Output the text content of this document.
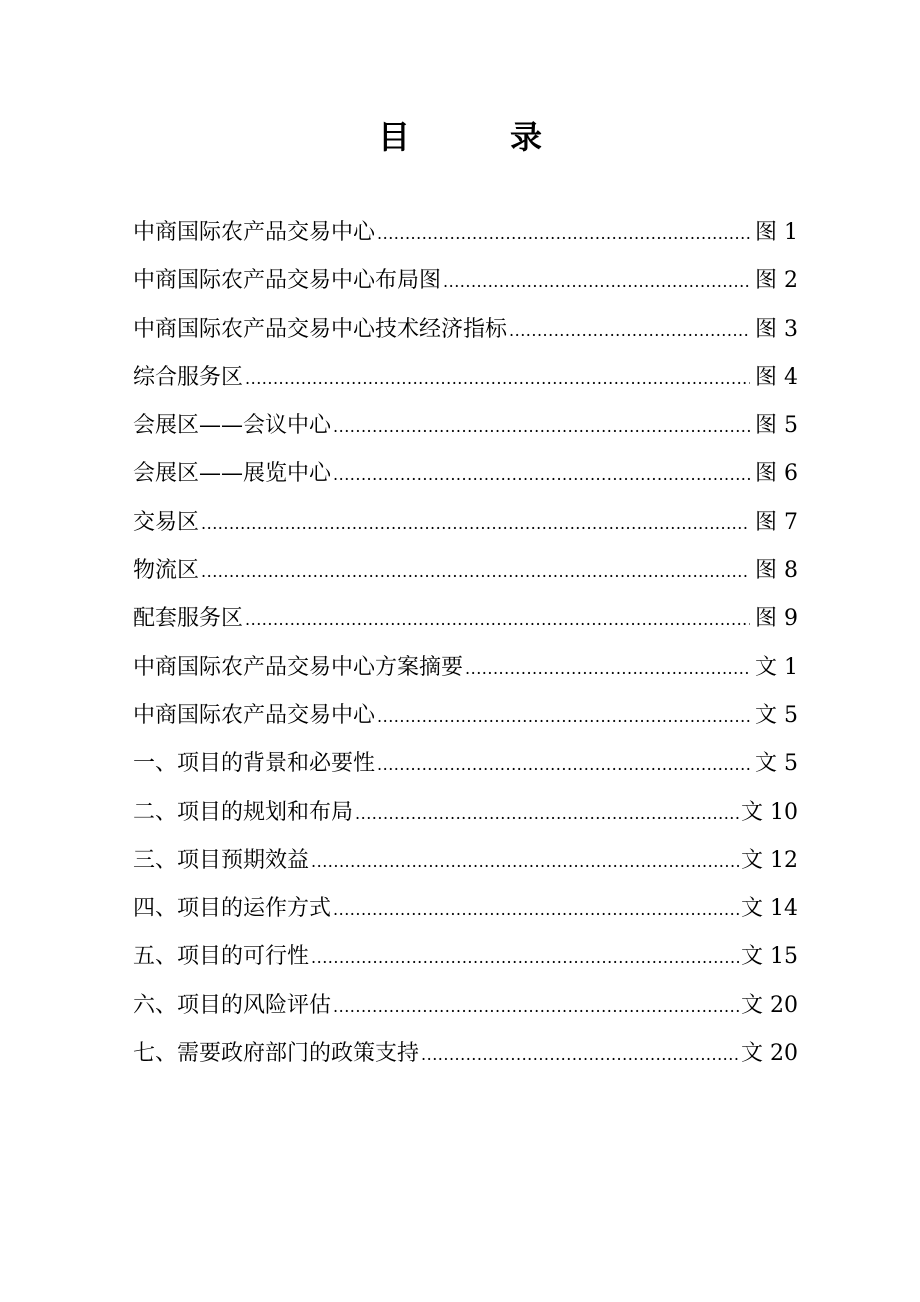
目　录
中商国际农产品交易中心 .....	图 1
中商国际农产品交易中心布局图 .....	图 2
中商国际农产品交易中心技术经济指标 .....	图 3
综合服务区 .....	图 4
会展区——会议中心 .....	图 5
会展区——展览中心 .....	图 6
交易区 .....	图 7
物流区 .....	图 8
配套服务区 .....	图 9
中商国际农产品交易中心方案摘要 .....	文 1
中商国际农产品交易中心 .....	文 5
一、项目的背景和必要性 .....	文 5
二、项目的规划和布局 .....	文 10
三、项目预期效益 .....	文 12
四、项目的运作方式 .....	文 14
五、项目的可行性 .....	文 15
六、项目的风险评估 .....	文 20
七、需要政府部门的政策支持 .....	文 20
